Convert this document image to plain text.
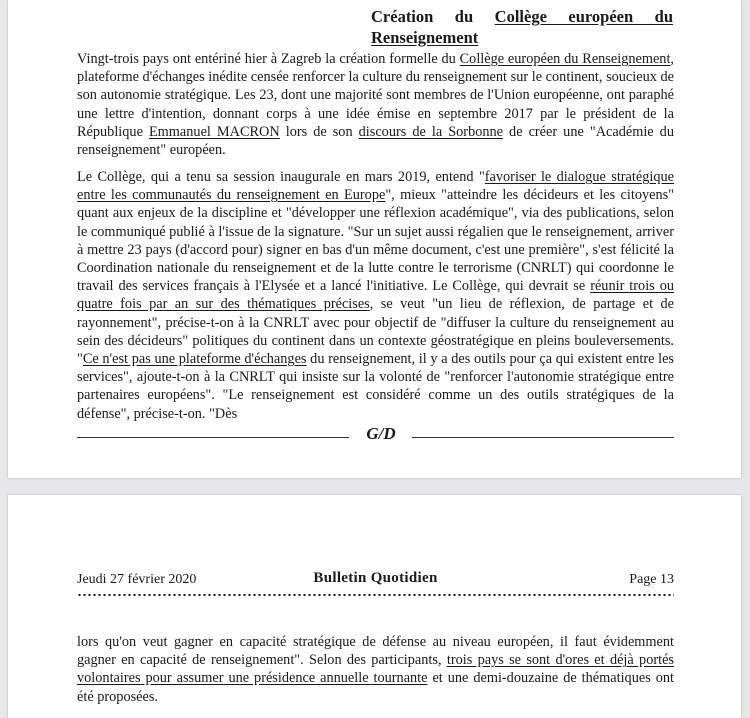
Création du Collège européen du
Renseignement

Vingt-trois pays ont entériné hier à Zagreb la création formelle du Collège européen du Renseignement, plateforme d'échanges inédite censée renforcer la culture du renseignement sur le continent, soucieux de son autonomie stratégique. Les 23, dont une majorité sont membres de l'Union européenne, ont paraphé une lettre d'intention, donnant corps à une idée émise en septembre 2017 par le président de la République Emmanuel MACRON lors de son discours de la Sorbonne de créer une "Académie du renseignement" européen.

Le Collège, qui a tenu sa session inaugurale en mars 2019, entend "favoriser le dialogue stratégique entre les communautés du renseignement en Europe", mieux "atteindre les décideurs et les citoyens" quant aux enjeux de la discipline et "développer une réflexion académique", via des publications, selon le communiqué publié à l'issue de la signature. "Sur un sujet aussi régalien que le renseignement, arriver à mettre 23 pays (d'accord pour) signer en bas d'un même document, c'est une première", s'est félicité la Coordination nationale du renseignement et de la lutte contre le terrorisme (CNRLT) qui coordonne le travail des services français à l'Elysée et a lancé l'initiative. Le Collège, qui devrait se réunir trois ou quatre fois par an sur des thématiques précises, se veut "un lieu de réflexion, de partage et de rayonnement", précise-t-on à la CNRLT avec pour objectif de "diffuser la culture du renseignement au sein des décideurs" politiques du continent dans un contexte géostratégique en pleins bouleversements. "Ce n'est pas une plateforme d'échanges du renseignement, il y a des outils pour ça qui existent entre les services", ajoute-t-on à la CNRLT qui insiste sur la volonté de "renforcer l'autonomie stratégique entre partenaires européens". "Le renseignement est considéré comme un des outils stratégiques de la défense", précise-t-on. "Dès

G/D
Jeudi 27 février 2020	Bulletin Quotidien	Page 13

lors qu'on veut gagner en capacité stratégique de défense au niveau européen, il faut évidemment gagner en capacité de renseignement". Selon des participants, trois pays se sont d'ores et déjà portés volontaires pour assumer une présidence annuelle tournante et une demi-douzaine de thématiques ont été proposées.
